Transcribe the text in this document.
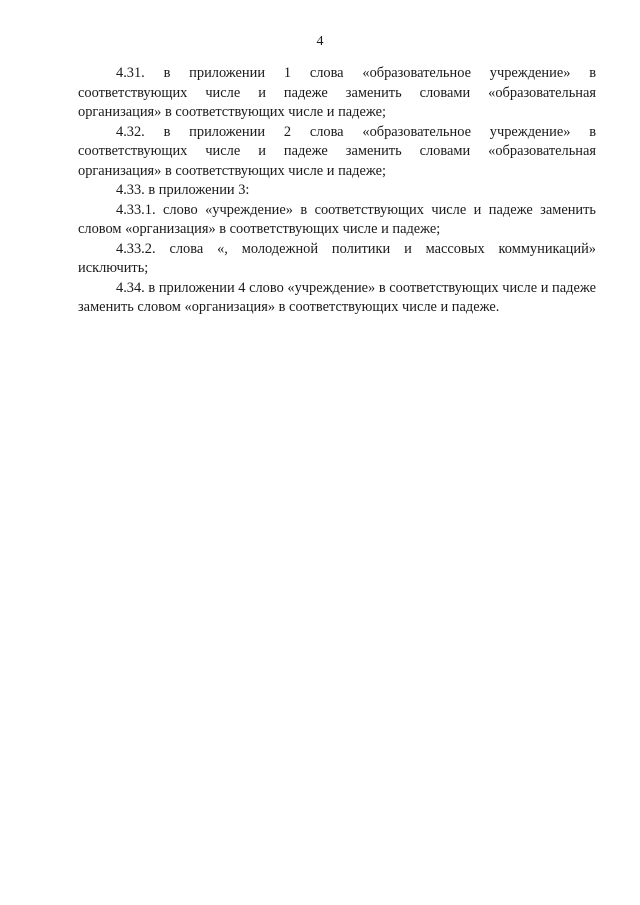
4

4.31. в приложении 1 слова «образовательное учреждение» в соответствующих числе и падеже заменить словами «образовательная организация» в соответствующих числе и падеже;

4.32. в приложении 2 слова «образовательное учреждение» в соответствующих числе и падеже заменить словами «образовательная организация» в соответствующих числе и падеже;

4.33. в приложении 3:

4.33.1. слово «учреждение» в соответствующих числе и падеже заменить словом «организация» в соответствующих числе и падеже;

4.33.2. слова «, молодежной политики и массовых коммуникаций» исключить;

4.34. в приложении 4 слово «учреждение» в соответствующих числе и падеже заменить словом «организация» в соответствующих числе и падеже.
